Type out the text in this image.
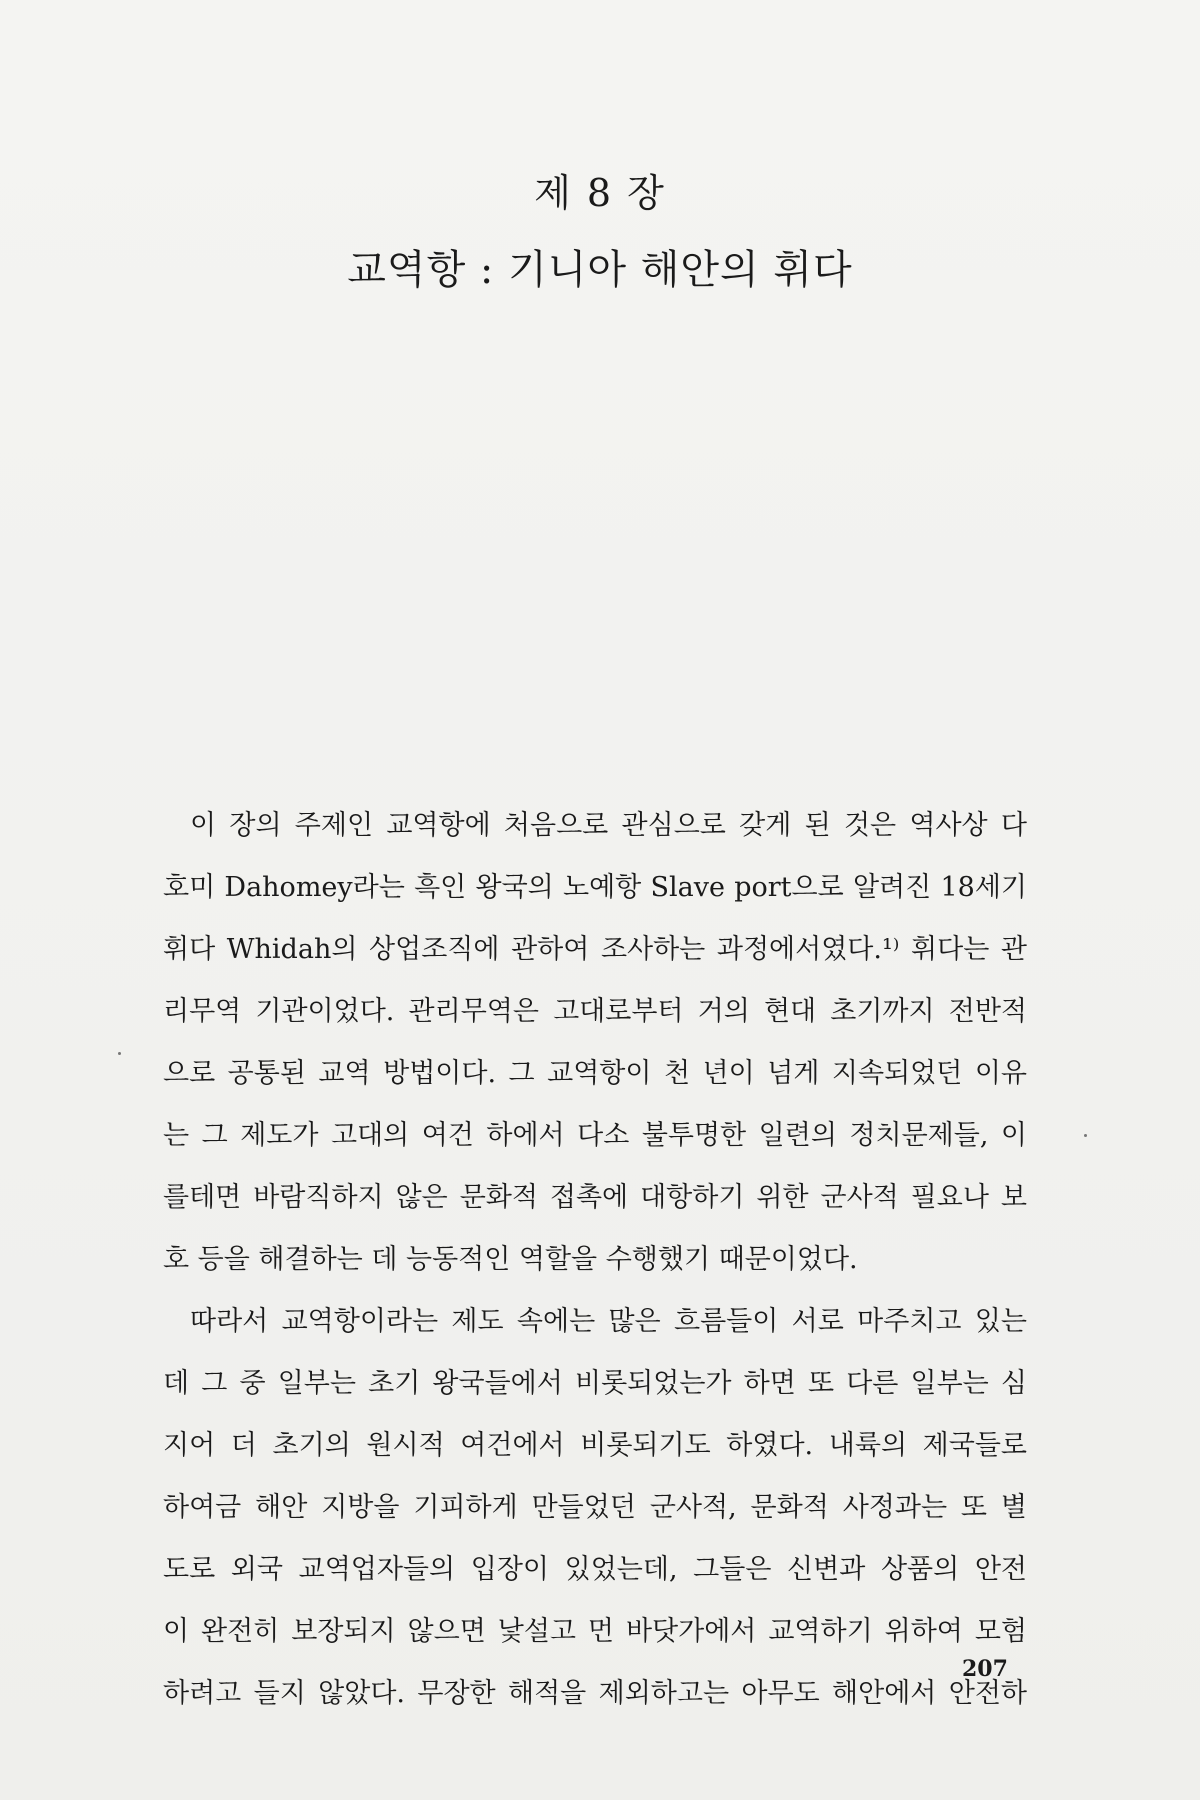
제 8 장
교역항 : 기니아 해안의 휘다
이 장의 주제인 교역항에 처음으로 관심으로 갖게 된 것은 역사상 다
호미 Dahomey라는 흑인 왕국의 노예항 Slave port으로 알려진 18세기
휘다 Whidah의 상업조직에 관하여 조사하는 과정에서였다.¹⁾ 휘다는 관
리무역 기관이었다. 관리무역은 고대로부터 거의 현대 초기까지 전반적
으로 공통된 교역 방법이다. 그 교역항이 천 년이 넘게 지속되었던 이유
는 그 제도가 고대의 여건 하에서 다소 불투명한 일련의 정치문제들, 이
를테면 바람직하지 않은 문화적 접촉에 대항하기 위한 군사적 필요나 보
호 등을 해결하는 데 능동적인 역할을 수행했기 때문이었다.
따라서 교역항이라는 제도 속에는 많은 흐름들이 서로 마주치고 있는
데 그 중 일부는 초기 왕국들에서 비롯되었는가 하면 또 다른 일부는 심
지어 더 초기의 원시적 여건에서 비롯되기도 하였다. 내륙의 제국들로
하여금 해안 지방을 기피하게 만들었던 군사적, 문화적 사정과는 또 별
도로 외국 교역업자들의 입장이 있었는데, 그들은 신변과 상품의 안전
이 완전히 보장되지 않으면 낯설고 먼 바닷가에서 교역하기 위하여 모험
하려고 들지 않았다. 무장한 해적을 제외하고는 아무도 해안에서 안전하
207
